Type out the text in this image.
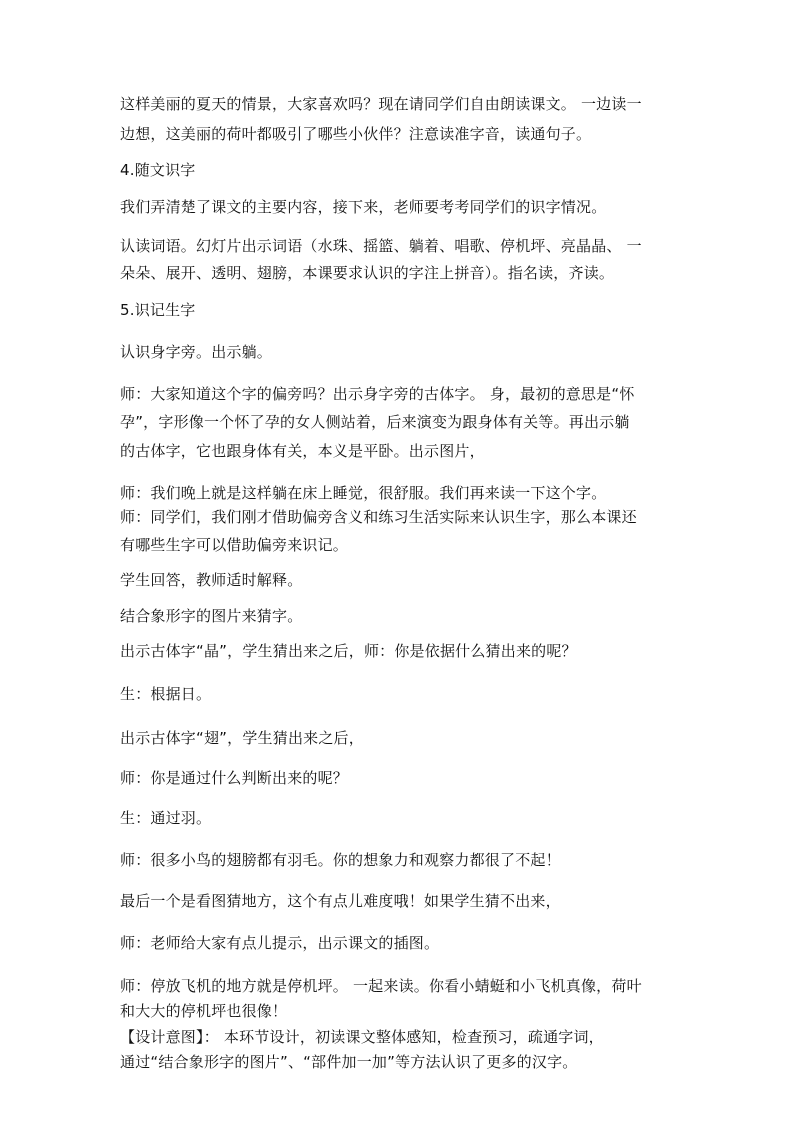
这样美丽的夏天的情景，大家喜欢吗？现在请同学们自由朗读课文。 一边读一

边想，这美丽的荷叶都吸引了哪些小伙伴？注意读准字音，读通句子。

4.随文识字

我们弄清楚了课文的主要内容，接下来，老师要考考同学们的识字情况。

认读词语。幻灯片出示词语（水珠、摇篮、躺着、唱歌、停机坪、亮晶晶、 一

朵朵、展开、透明、翅膀，本课要求认识的字注上拼音）。指名读，齐读。

5.识记生字

认识身字旁。出示躺。

师：大家知道这个字的偏旁吗？出示身字旁的古体字。 身，最初的意思是“怀

孕”，字形像一个怀了孕的女人侧站着，后来演变为跟身体有关等。再出示躺

的古体字，它也跟身体有关，本义是平卧。出示图片，

师：我们晚上就是这样躺在床上睡觉，很舒服。我们再来读一下这个字。

师：同学们，我们刚才借助偏旁含义和练习生活实际来认识生字，那么本课还

有哪些生字可以借助偏旁来识记。

学生回答，教师适时解释。

结合象形字的图片来猜字。

出示古体字“晶”，学生猜出来之后，师：你是依据什么猜出来的呢？

生：根据日。

出示古体字“翅”，学生猜出来之后，

师：你是通过什么判断出来的呢？

生：通过羽。

师：很多小鸟的翅膀都有羽毛。你的想象力和观察力都很了不起！

最后一个是看图猜地方，这个有点儿难度哦！如果学生猜不出来，

师：老师给大家有点儿提示，出示课文的插图。

师：停放飞机的地方就是停机坪。 一起来读。你看小蜻蜓和小飞机真像，荷叶

和大大的停机坪也很像！

【设计意图】： 本环节设计，初读课文整体感知，检查预习，疏通字词，

通过“结合象形字的图片”、“部件加一加”等方法认识了更多的汉字。
